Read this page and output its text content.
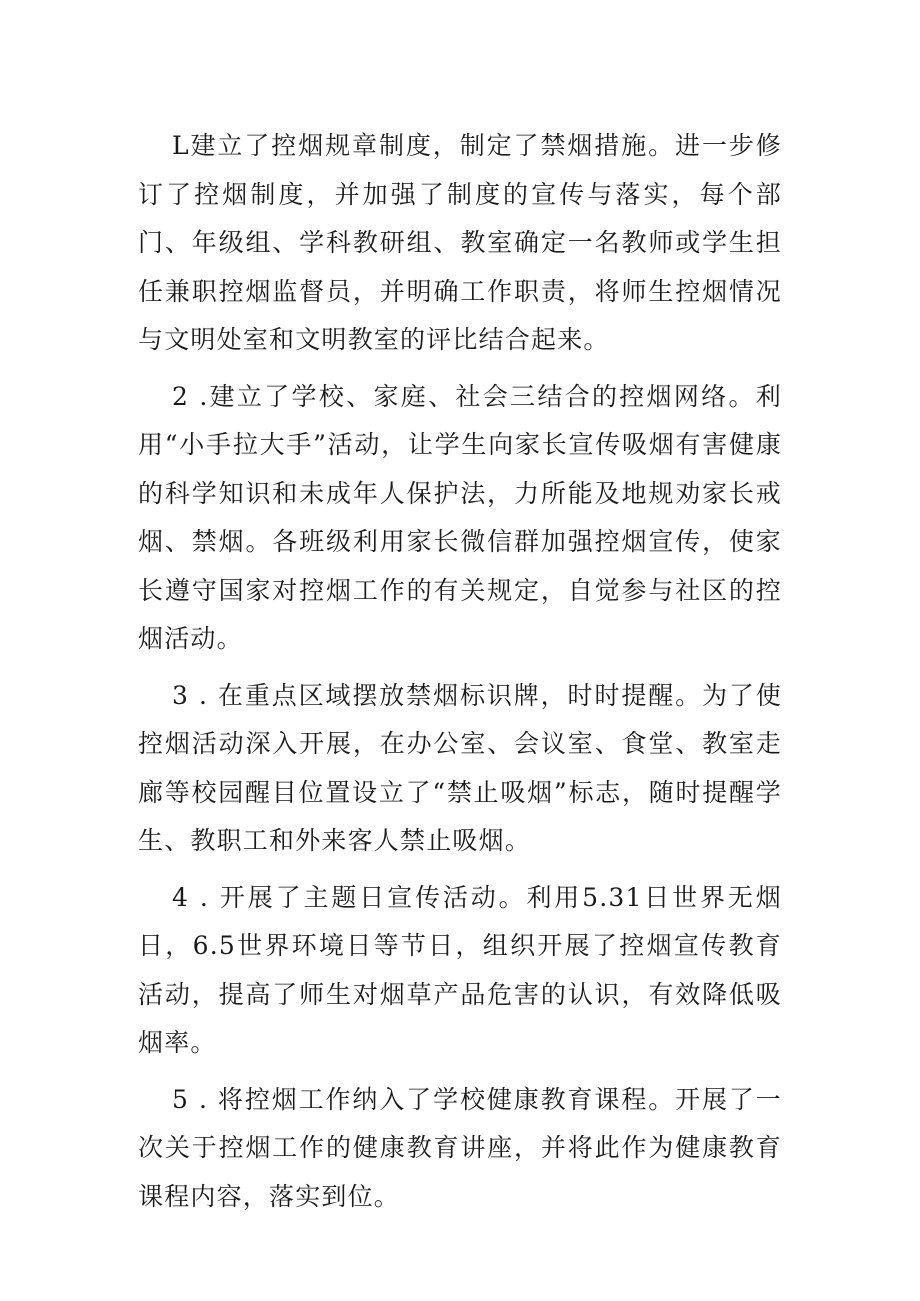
L建立了控烟规章制度，制定了禁烟措施。进一步修订了控烟制度，并加强了制度的宣传与落实，每个部门、年级组、学科教研组、教室确定一名教师或学生担任兼职控烟监督员，并明确工作职责，将师生控烟情况与文明处室和文明教室的评比结合起来。

2 .建立了学校、家庭、社会三结合的控烟网络。利用“小手拉大手”活动，让学生向家长宣传吸烟有害健康的科学知识和未成年人保护法，力所能及地规劝家长戒烟、禁烟。各班级利用家长微信群加强控烟宣传，使家长遵守国家对控烟工作的有关规定，自觉参与社区的控烟活动。

3 . 在重点区域摆放禁烟标识牌，时时提醒。为了使控烟活动深入开展，在办公室、会议室、食堂、教室走廊等校园醒目位置设立了“禁止吸烟”标志，随时提醒学生、教职工和外来客人禁止吸烟。

4 . 开展了主题日宣传活动。利用5.31日世界无烟日，6.5世界环境日等节日，组织开展了控烟宣传教育活动，提高了师生对烟草产品危害的认识，有效降低吸烟率。

5 . 将控烟工作纳入了学校健康教育课程。开展了一次关于控烟工作的健康教育讲座，并将此作为健康教育课程内容，落实到位。
